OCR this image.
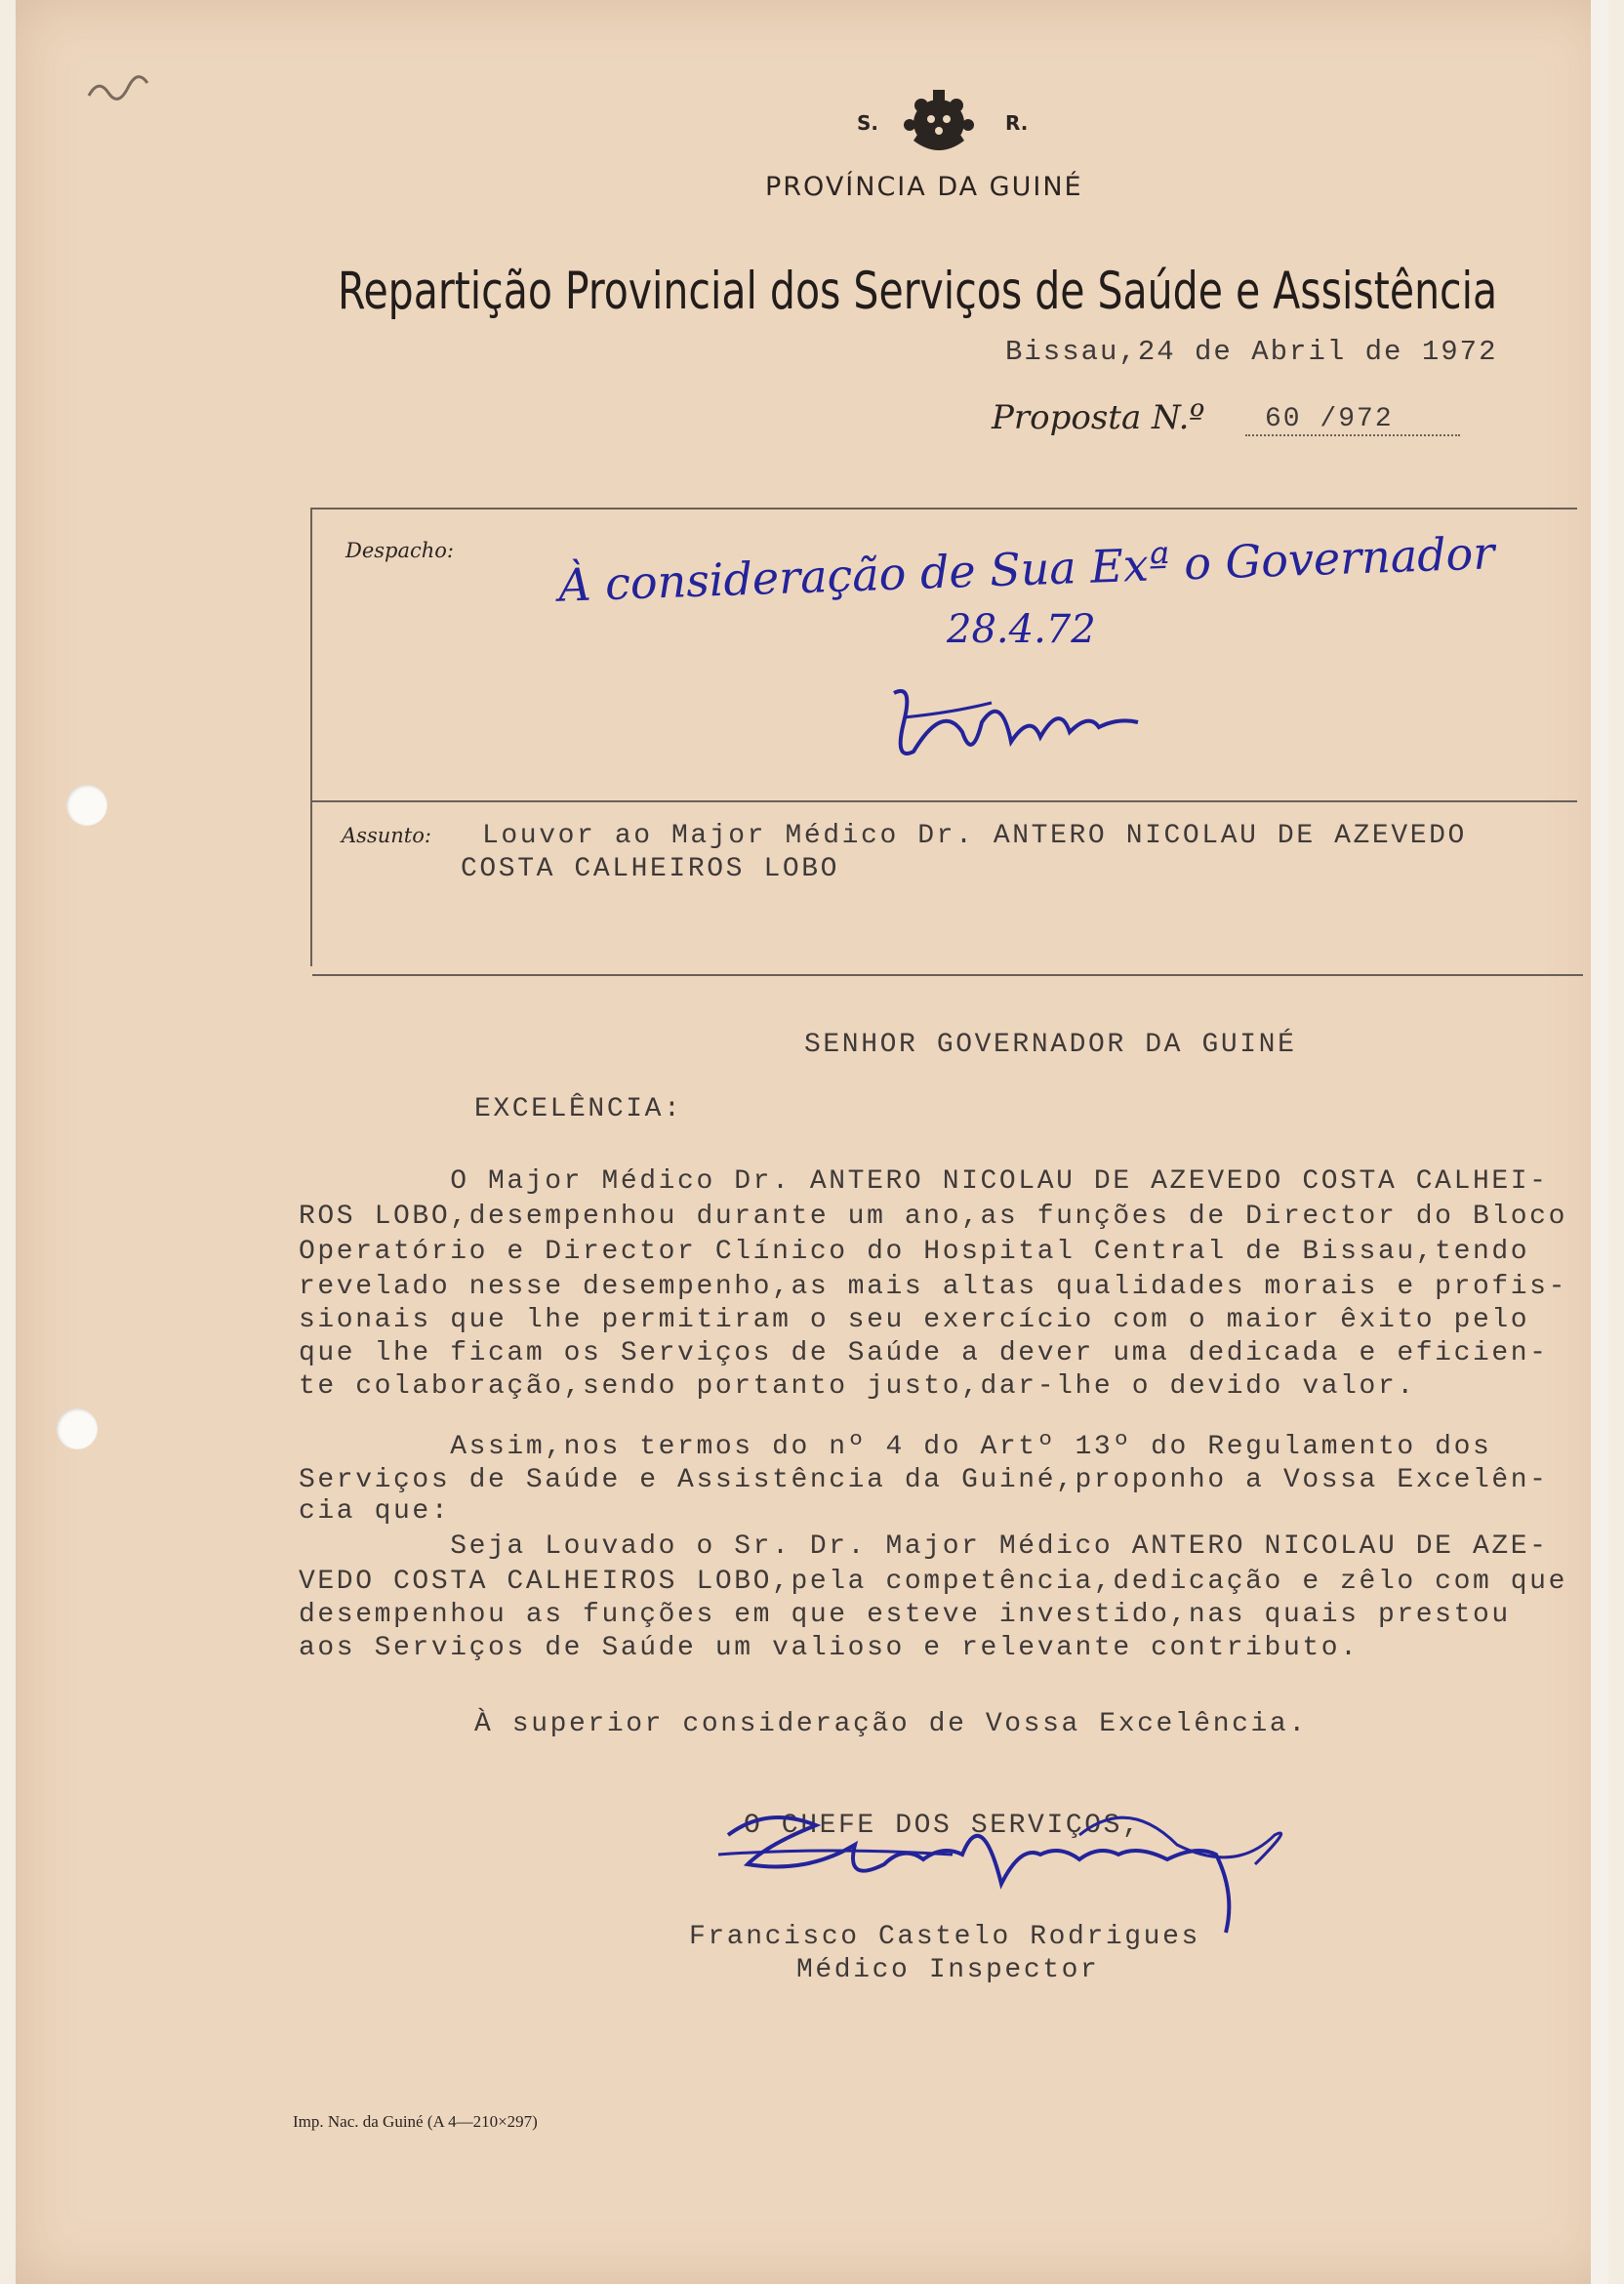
S.	R.
PROVÍNCIA DA GUINÉ
Repartição Provincial dos Serviços de Saúde e Assistência
Bissau,24 de Abril de 1972
Proposta N.º	60 /972
Despacho: À consideração de Sua Exª o Governador
28.4.72
Assunto: Louvor ao Major Médico Dr. ANTERO NICOLAU DE AZEVEDO
COSTA CALHEIROS LOBO
SENHOR GOVERNADOR DA GUINÉ
EXCELÊNCIA:
O Major Médico Dr. ANTERO NICOLAU DE AZEVEDO COSTA CALHEI-
ROS LOBO,desempenhou durante um ano,as funções de Director do Bloco
Operatório e Director Clínico do Hospital Central de Bissau,tendo
revelado nesse desempenho,as mais altas qualidades morais e profis-
sionais que lhe permitiram o seu exercício com o maior êxito pelo
que lhe ficam os Serviços de Saúde a dever uma dedicada e eficien-
te colaboração,sendo portanto justo,dar-lhe o devido valor.
Assim,nos termos do nº 4 do Artº 13º do Regulamento dos
Serviços de Saúde e Assistência da Guiné,proponho a Vossa Excelên-
cia que:
Seja Louvado o Sr. Dr. Major Médico ANTERO NICOLAU DE AZE-
VEDO COSTA CALHEIROS LOBO,pela competência,dedicação e zêlo com que
desempenhou as funções em que esteve investido,nas quais prestou
aos Serviços de Saúde um valioso e relevante contributo.
À superior consideração de Vossa Excelência.
O CHEFE DOS SERVIÇOS,
Francisco Castelo Rodrigues
Médico Inspector
Imp. Nac. da Guiné (A 4—210×297)
